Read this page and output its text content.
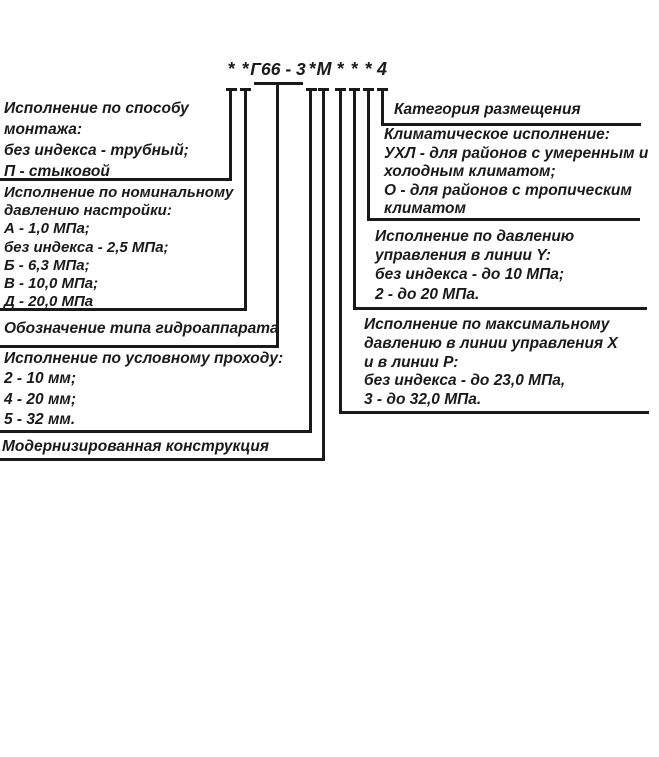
* * Г66 - 3 * М * * * 4
Исполнение по способу
монтажа:
без индекса - трубный;
П - стыковой
Исполнение по номинальному
давлению настройки:
А - 1,0 МПа;
без индекса - 2,5 МПа;
Б - 6,3 МПа;
В - 10,0 МПа;
Д - 20,0 МПа
Обозначение типа гидроаппарата
Исполнение по условному проходу:
2 - 10 мм;
4 - 20 мм;
5 - 32 мм.
Модернизированная конструкция
Категория размещения
Климатическое исполнение:
УХЛ - для районов с умеренным и
холодным климатом;
О - для районов с тропическим
климатом
Исполнение по давлению
управления в линии Y:
без индекса - до 10 МПа;
2 - до 20 МПа.
Исполнение по максимальному
давлению в линии управления Х
и в линии Р:
без индекса - до 23,0 МПа,
3 - до 32,0 МПа.
